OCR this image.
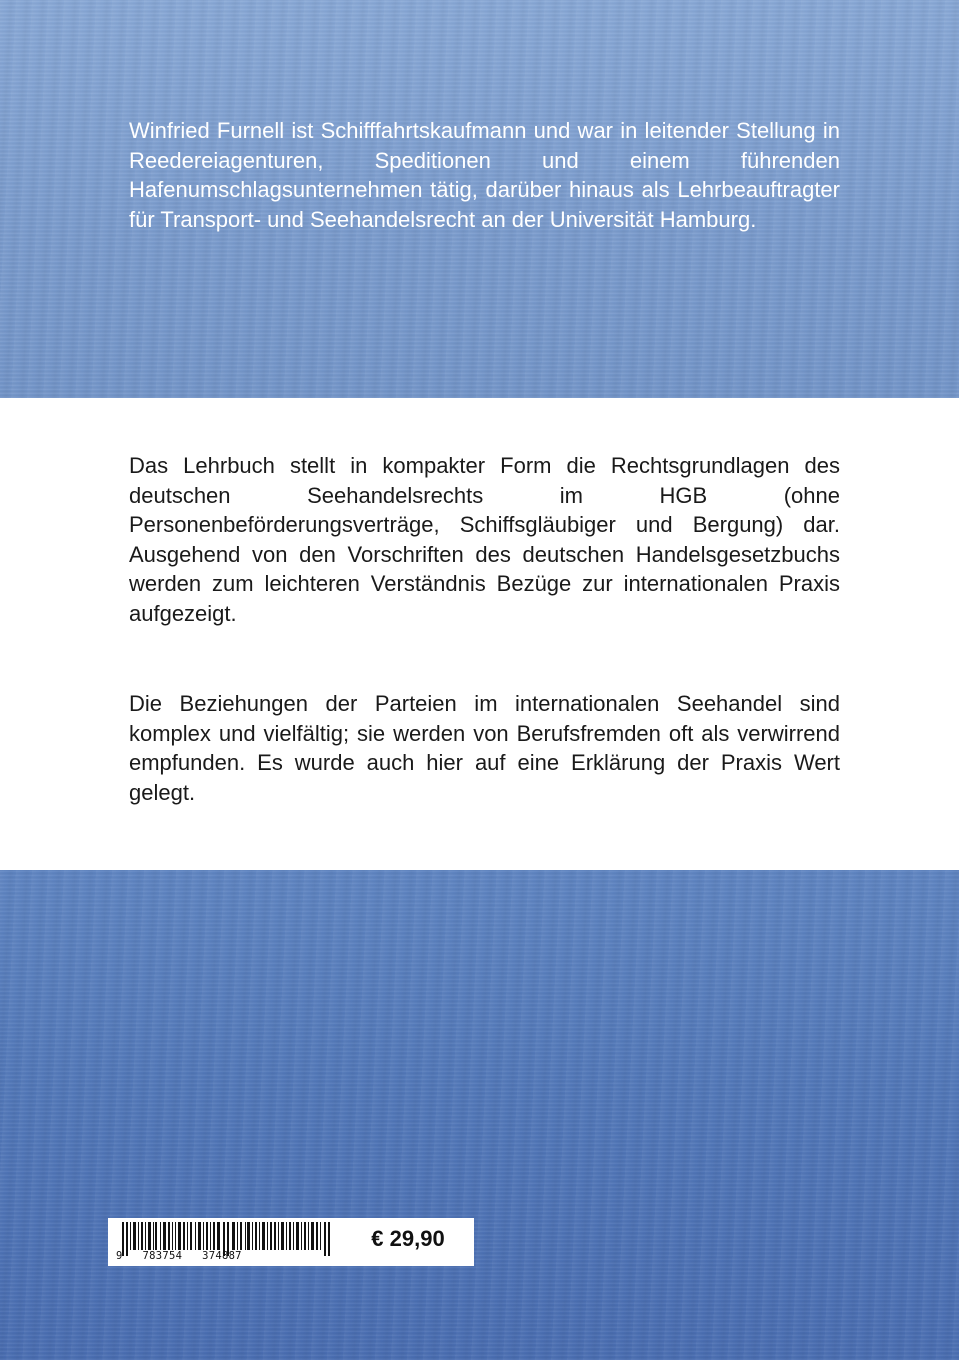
Winfried Furnell ist Schifffahrtskaufmann und war in leitender Stellung in Reedereiagenturen, Speditionen und einem führenden Hafenumschlagsunternehmen tätig, darüber hinaus als Lehrbeauftragter für Transport- und Seehandelsrecht an der Universität Hamburg.
Das Lehrbuch stellt in kompakter Form die Rechtsgrundlagen des deutschen Seehandelsrechts im HGB (ohne Personenbeförderungsverträge, Schiffsgläubiger und Bergung) dar. Ausgehend von den Vorschriften des deutschen Handelsgesetzbuchs werden zum leichteren Verständnis Bezüge zur internationalen Praxis aufgezeigt.
Die Beziehungen der Parteien im internationalen Seehandel sind komplex und vielfältig; sie werden von Berufsfremden oft als verwirrend empfunden. Es wurde auch hier auf eine Erklärung der Praxis Wert gelegt.
9   783754   374887
€ 29,90
